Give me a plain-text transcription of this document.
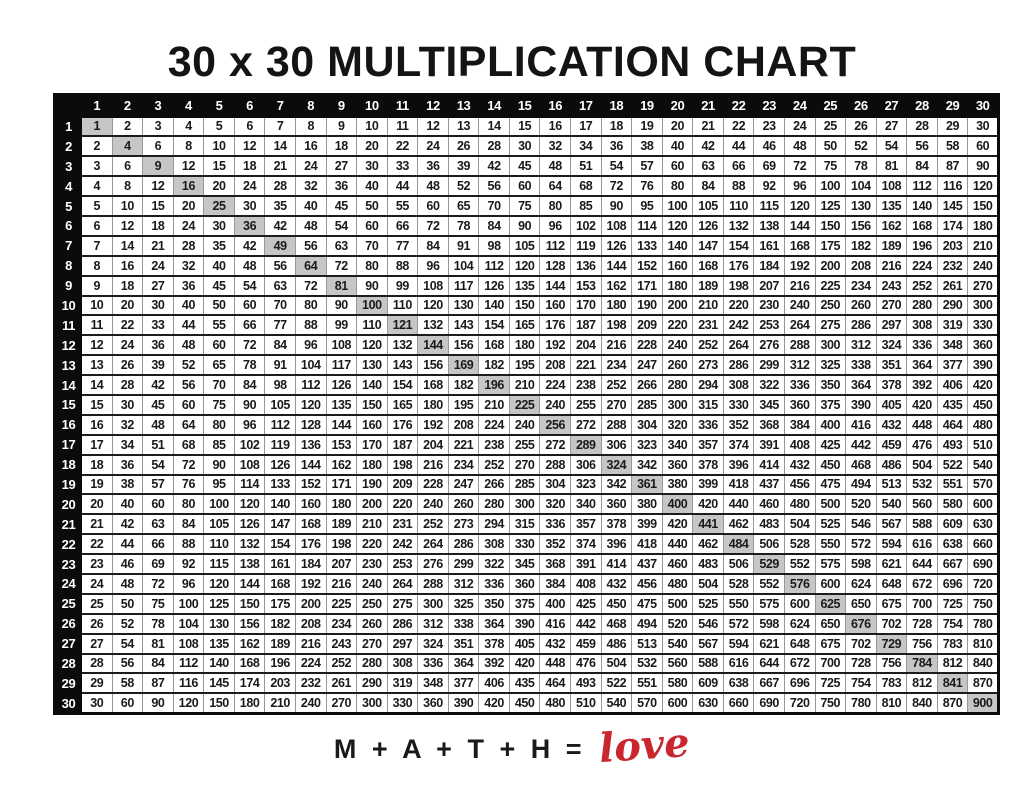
30 x 30 MULTIPLICATION CHART
	1	2	3	4	5	6	7	8	9	10	11	12	13	14	15	16	17	18	19	20	21	22	23	24	25	26	27	28	29	30
1	1	2	3	4	5	6	7	8	9	10	11	12	13	14	15	16	17	18	19	20	21	22	23	24	25	26	27	28	29	30
2	2	4	6	8	10	12	14	16	18	20	22	24	26	28	30	32	34	36	38	40	42	44	46	48	50	52	54	56	58	60
3	3	6	9	12	15	18	21	24	27	30	33	36	39	42	45	48	51	54	57	60	63	66	69	72	75	78	81	84	87	90
4	4	8	12	16	20	24	28	32	36	40	44	48	52	56	60	64	68	72	76	80	84	88	92	96	100	104	108	112	116	120
5	5	10	15	20	25	30	35	40	45	50	55	60	65	70	75	80	85	90	95	100	105	110	115	120	125	130	135	140	145	150
6	6	12	18	24	30	36	42	48	54	60	66	72	78	84	90	96	102	108	114	120	126	132	138	144	150	156	162	168	174	180
7	7	14	21	28	35	42	49	56	63	70	77	84	91	98	105	112	119	126	133	140	147	154	161	168	175	182	189	196	203	210
8	8	16	24	32	40	48	56	64	72	80	88	96	104	112	120	128	136	144	152	160	168	176	184	192	200	208	216	224	232	240
9	9	18	27	36	45	54	63	72	81	90	99	108	117	126	135	144	153	162	171	180	189	198	207	216	225	234	243	252	261	270
10	10	20	30	40	50	60	70	80	90	100	110	120	130	140	150	160	170	180	190	200	210	220	230	240	250	260	270	280	290	300
11	11	22	33	44	55	66	77	88	99	110	121	132	143	154	165	176	187	198	209	220	231	242	253	264	275	286	297	308	319	330
12	12	24	36	48	60	72	84	96	108	120	132	144	156	168	180	192	204	216	228	240	252	264	276	288	300	312	324	336	348	360
13	13	26	39	52	65	78	91	104	117	130	143	156	169	182	195	208	221	234	247	260	273	286	299	312	325	338	351	364	377	390
14	14	28	42	56	70	84	98	112	126	140	154	168	182	196	210	224	238	252	266	280	294	308	322	336	350	364	378	392	406	420
15	15	30	45	60	75	90	105	120	135	150	165	180	195	210	225	240	255	270	285	300	315	330	345	360	375	390	405	420	435	450
16	16	32	48	64	80	96	112	128	144	160	176	192	208	224	240	256	272	288	304	320	336	352	368	384	400	416	432	448	464	480
17	17	34	51	68	85	102	119	136	153	170	187	204	221	238	255	272	289	306	323	340	357	374	391	408	425	442	459	476	493	510
18	18	36	54	72	90	108	126	144	162	180	198	216	234	252	270	288	306	324	342	360	378	396	414	432	450	468	486	504	522	540
19	19	38	57	76	95	114	133	152	171	190	209	228	247	266	285	304	323	342	361	380	399	418	437	456	475	494	513	532	551	570
20	20	40	60	80	100	120	140	160	180	200	220	240	260	280	300	320	340	360	380	400	420	440	460	480	500	520	540	560	580	600
21	21	42	63	84	105	126	147	168	189	210	231	252	273	294	315	336	357	378	399	420	441	462	483	504	525	546	567	588	609	630
22	22	44	66	88	110	132	154	176	198	220	242	264	286	308	330	352	374	396	418	440	462	484	506	528	550	572	594	616	638	660
23	23	46	69	92	115	138	161	184	207	230	253	276	299	322	345	368	391	414	437	460	483	506	529	552	575	598	621	644	667	690
24	24	48	72	96	120	144	168	192	216	240	264	288	312	336	360	384	408	432	456	480	504	528	552	576	600	624	648	672	696	720
25	25	50	75	100	125	150	175	200	225	250	275	300	325	350	375	400	425	450	475	500	525	550	575	600	625	650	675	700	725	750
26	26	52	78	104	130	156	182	208	234	260	286	312	338	364	390	416	442	468	494	520	546	572	598	624	650	676	702	728	754	780
27	27	54	81	108	135	162	189	216	243	270	297	324	351	378	405	432	459	486	513	540	567	594	621	648	675	702	729	756	783	810
28	28	56	84	112	140	168	196	224	252	280	308	336	364	392	420	448	476	504	532	560	588	616	644	672	700	728	756	784	812	840
29	29	58	87	116	145	174	203	232	261	290	319	348	377	406	435	464	493	522	551	580	609	638	667	696	725	754	783	812	841	870
30	30	60	90	120	150	180	210	240	270	300	330	360	390	420	450	480	510	540	570	600	630	660	690	720	750	780	810	840	870	900
M + A + T + H = love
